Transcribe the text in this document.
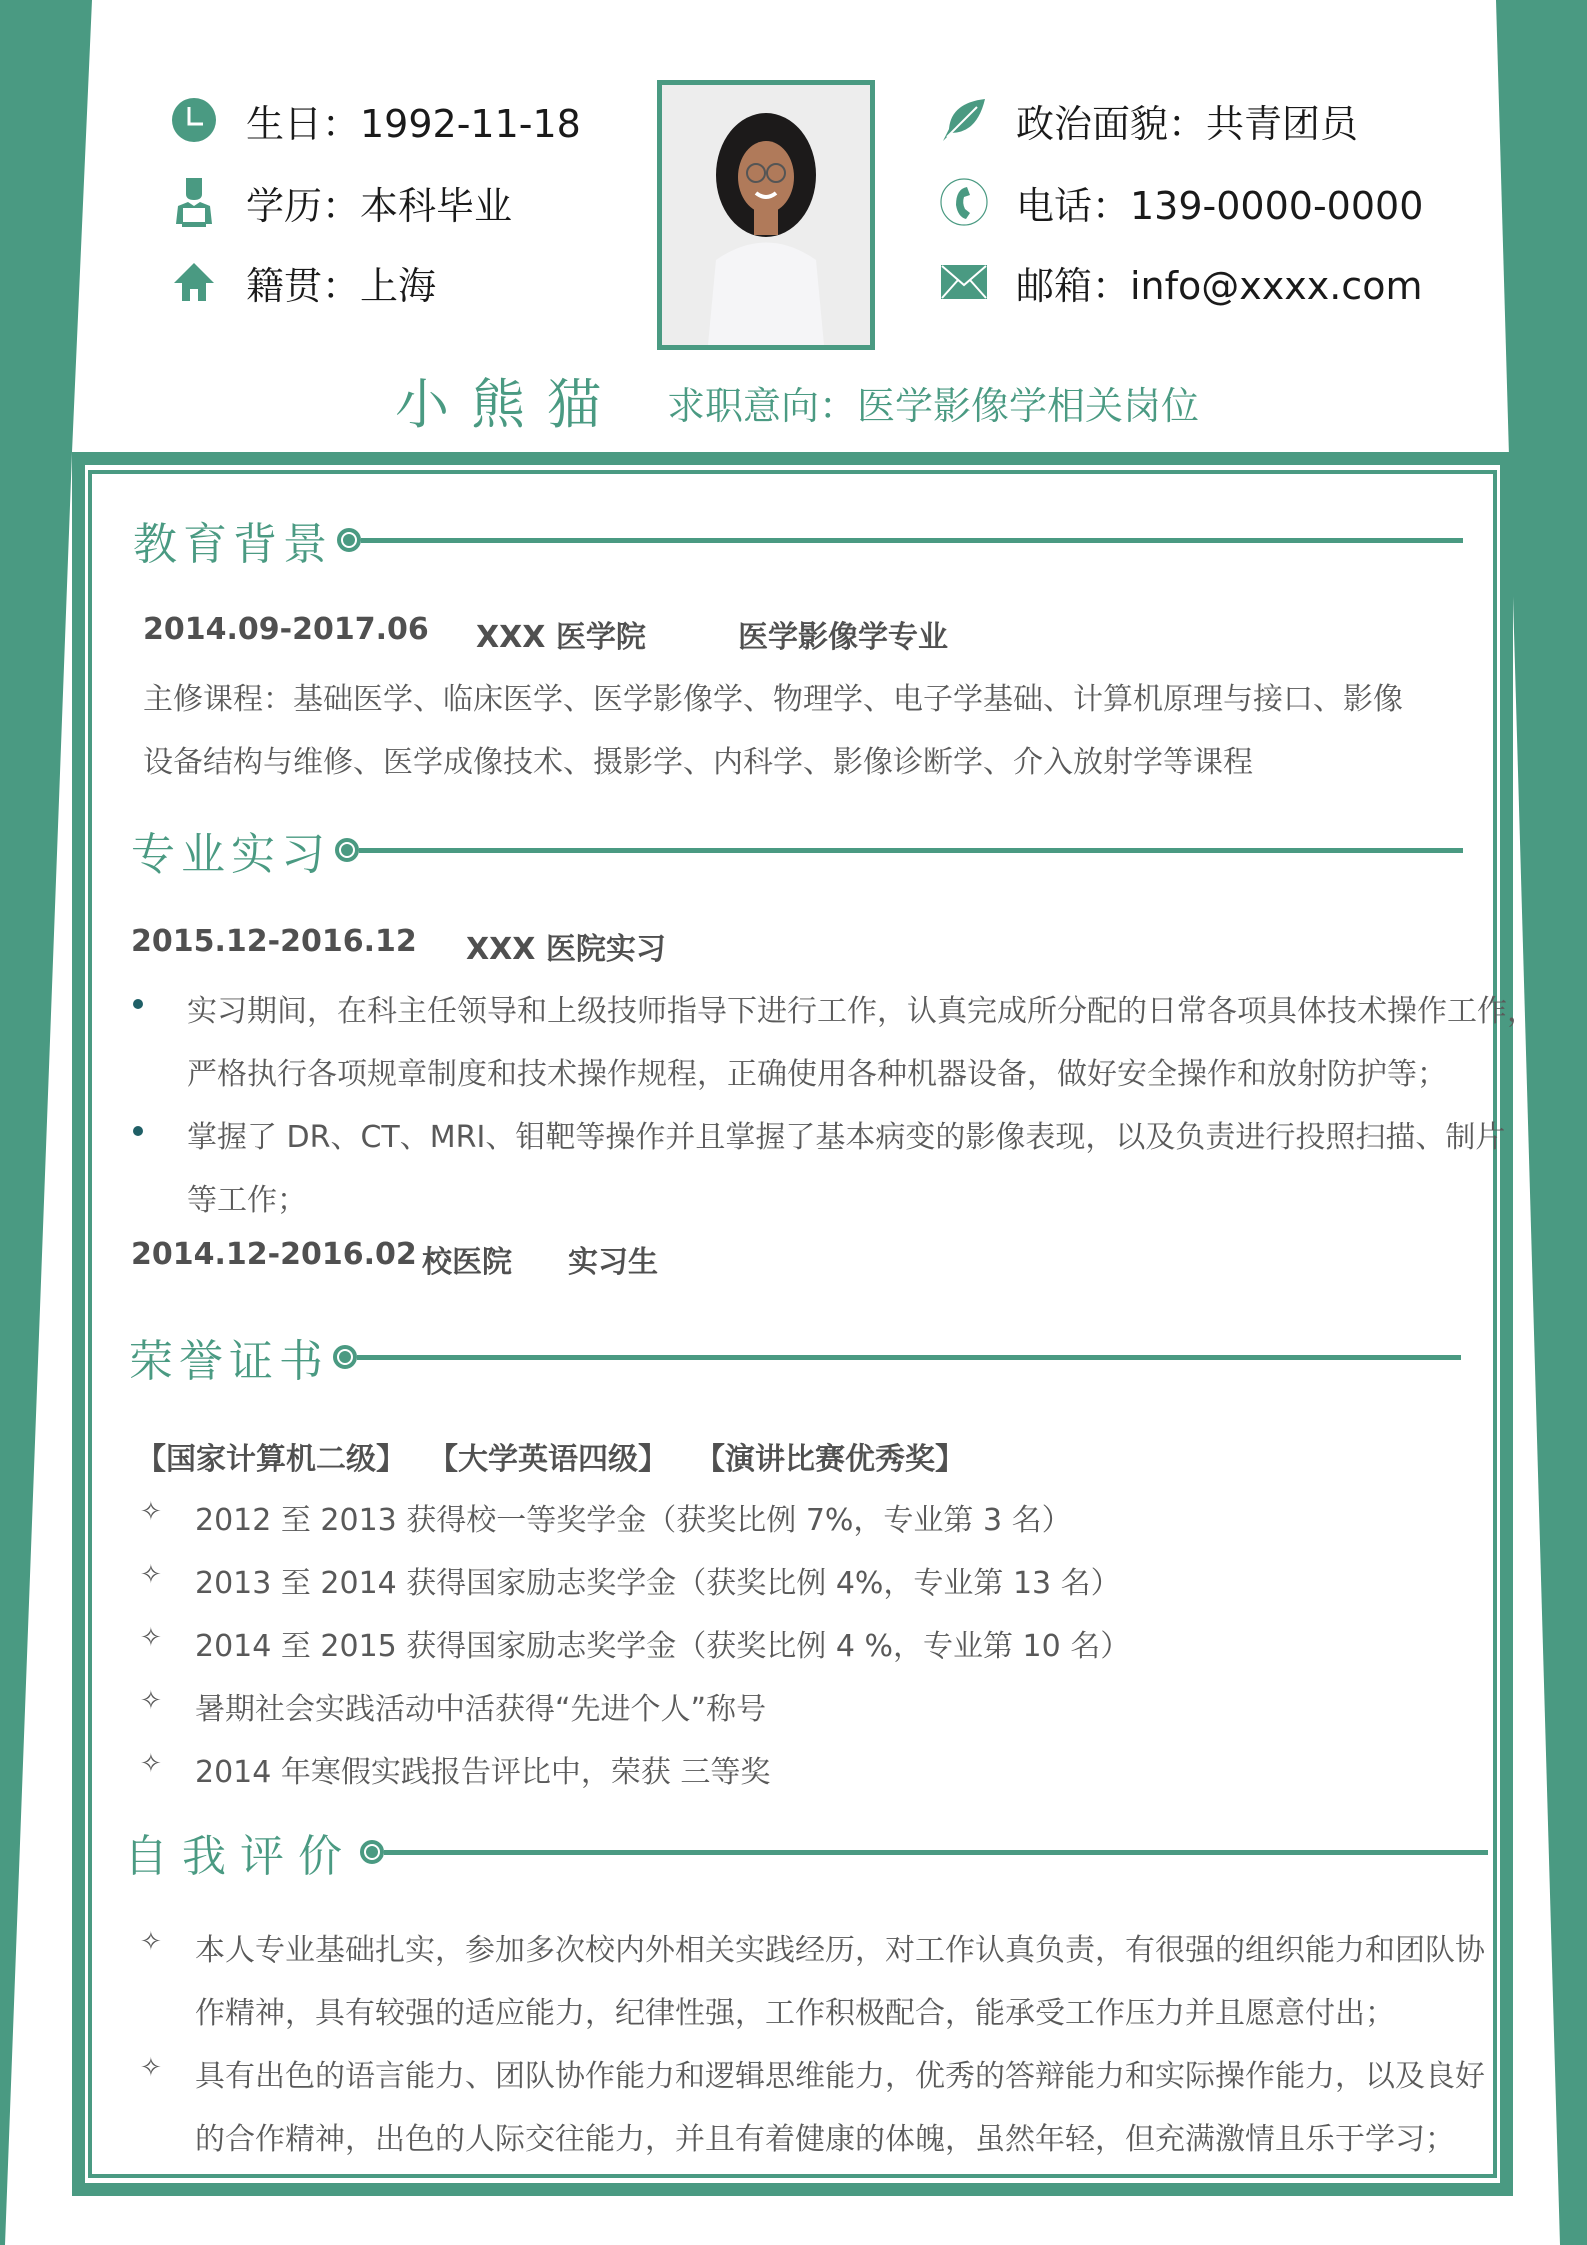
生日：1992-11-18
学历：本科毕业
籍贯：上海
政治面貌：共青团员
电话：139-0000-0000
邮箱：info@xxxx.com
小熊猫 求职意向：医学影像学相关岗位
教育背景
2014.09-2017.06 XXX 医学院	医学影像学专业
主修课程：基础医学、临床医学、医学影像学、物理学、电子学基础、计算机原理与接口、影像
设备结构与维修、医学成像技术、摄影学、内科学、影像诊断学、介入放射学等课程
专业实习
2015.12-2016.12 XXX 医院实习
实习期间，在科主任领导和上级技师指导下进行工作，认真完成所分配的日常各项具体技术操作工作，
严格执行各项规章制度和技术操作规程，正确使用各种机器设备，做好安全操作和放射防护等；
掌握了 DR、CT、MRI、钼靶等操作并且掌握了基本病变的影像表现，以及负责进行投照扫描、制片
等工作；
2014.12-2016.02 校医院 实习生
荣誉证书
【国家计算机二级】 【大学英语四级】 【演讲比赛优秀奖】
✧ 2012 至 2013 获得校一等奖学金（获奖比例 7%，专业第 3 名）
✧ 2013 至 2014 获得国家励志奖学金（获奖比例 4%，专业第 13 名）
✧ 2014 至 2015 获得国家励志奖学金（获奖比例 4 %，专业第 10 名）
✧ 暑期社会实践活动中活获得“先进个人”称号
✧ 2014 年寒假实践报告评比中，荣获 三等奖
自我评价
✧ 本人专业基础扎实，参加多次校内外相关实践经历，对工作认真负责，有很强的组织能力和团队协
作精神，具有较强的适应能力，纪律性强，工作积极配合，能承受工作压力并且愿意付出；
✧ 具有出色的语言能力、团队协作能力和逻辑思维能力，优秀的答辩能力和实际操作能力，以及良好
的合作精神，出色的人际交往能力，并且有着健康的体魄，虽然年轻，但充满激情且乐于学习；
